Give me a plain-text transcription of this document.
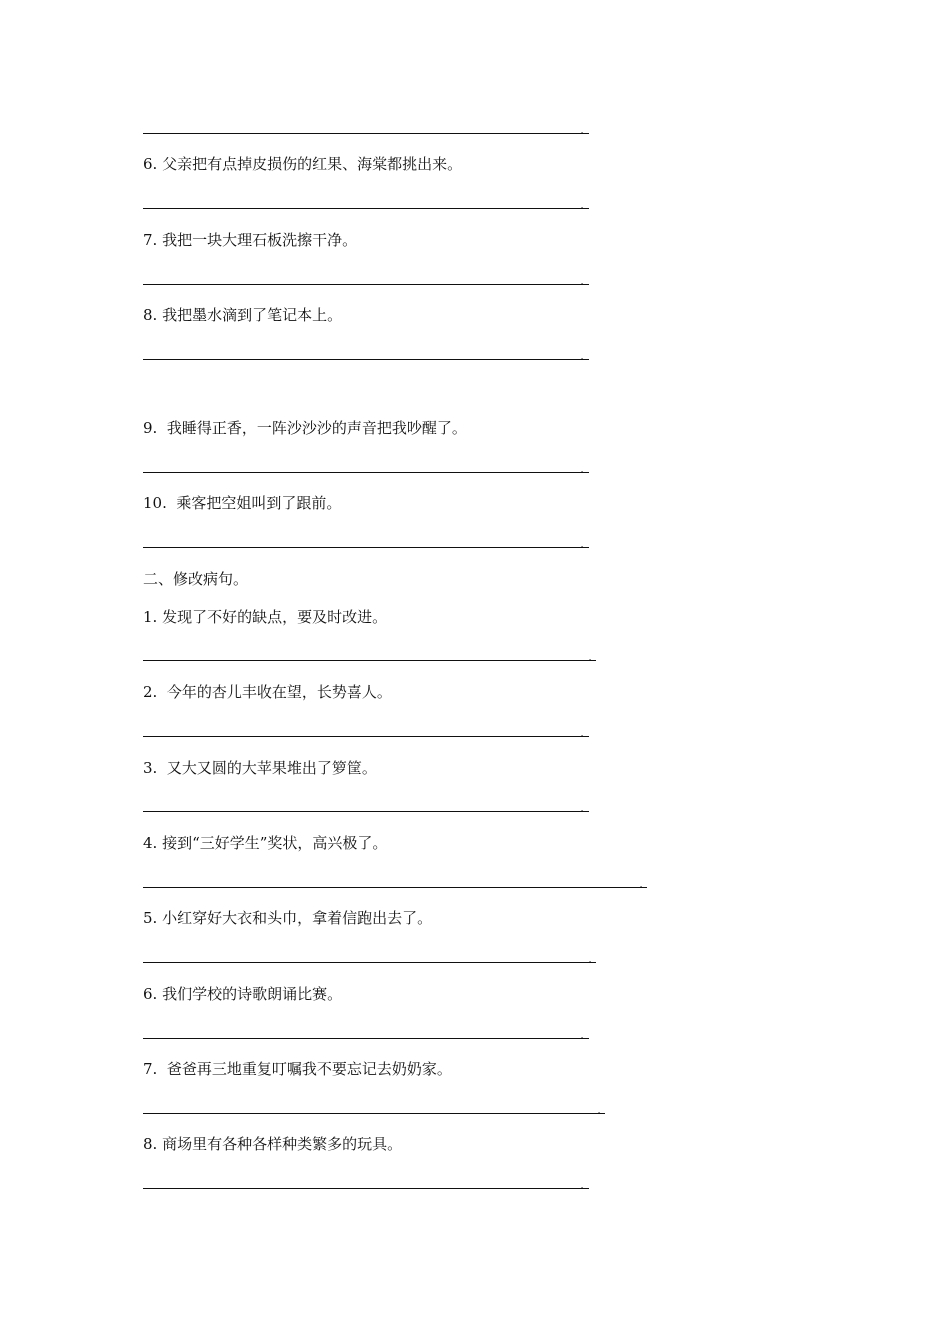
.
6. 父亲把有点掉皮损伤的红果、海棠都挑出来。
.
7. 我把一块大理石板洗擦干净。
.
8. 我把墨水滴到了笔记本上。
.
9.  我睡得正香，一阵沙沙沙的声音把我吵醒了。
.
10.  乘客把空姐叫到了跟前。
.
二、修改病句。
1. 发现了不好的缺点，要及时改进。
.
2.  今年的杏儿丰收在望，长势喜人。
.
3.  又大又圆的大苹果堆出了箩筐。
.
4. 接到“三好学生”奖状，高兴极了。
.
5. 小红穿好大衣和头巾，拿着信跑出去了。
.
6. 我们学校的诗歌朗诵比赛。
.
7.  爸爸再三地重复叮嘱我不要忘记去奶奶家。
.
8. 商场里有各种各样种类繁多的玩具。
.
